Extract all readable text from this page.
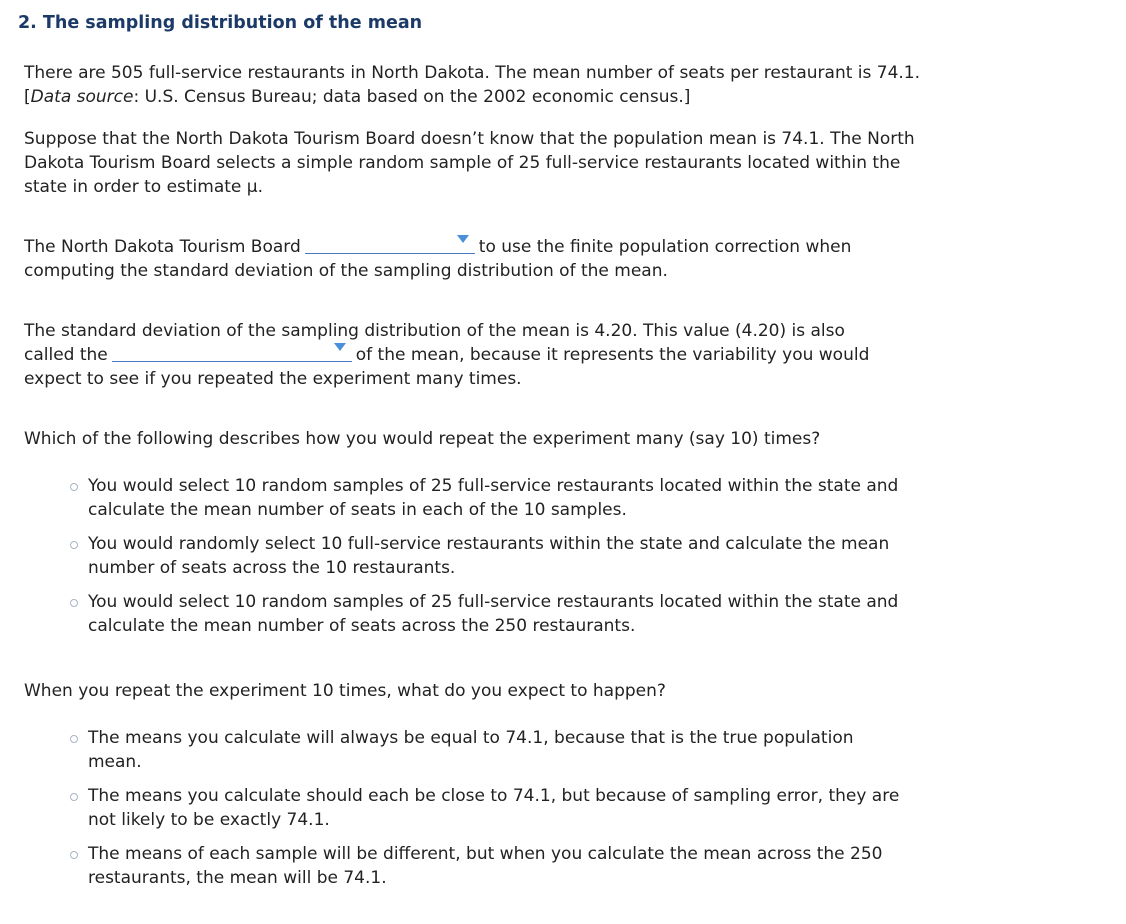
2. The sampling distribution of the mean

There are 505 full-service restaurants in North Dakota. The mean number of seats per restaurant is 74.1. [Data source: U.S. Census Bureau; data based on the 2002 economic census.]

Suppose that the North Dakota Tourism Board doesn’t know that the population mean is 74.1. The North Dakota Tourism Board selects a simple random sample of 25 full-service restaurants located within the state in order to estimate μ.

The North Dakota Tourism Board	to use the finite population correction when computing the standard deviation of the sampling distribution of the mean.

The standard deviation of the sampling distribution of the mean is 4.20. This value (4.20) is also
called the	of the mean, because it represents the variability you would
expect to see if you repeated the experiment many times.

Which of the following describes how you would repeat the experiment many (say 10) times?

You would select 10 random samples of 25 full-service restaurants located within the state and calculate the mean number of seats in each of the 10 samples.
You would randomly select 10 full-service restaurants within the state and calculate the mean number of seats across the 10 restaurants.
You would select 10 random samples of 25 full-service restaurants located within the state and calculate the mean number of seats across the 250 restaurants.

When you repeat the experiment 10 times, what do you expect to happen?

The means you calculate will always be equal to 74.1, because that is the true population mean.
The means you calculate should each be close to 74.1, but because of sampling error, they are not likely to be exactly 74.1.
The means of each sample will be different, but when you calculate the mean across the 250 restaurants, the mean will be 74.1.
